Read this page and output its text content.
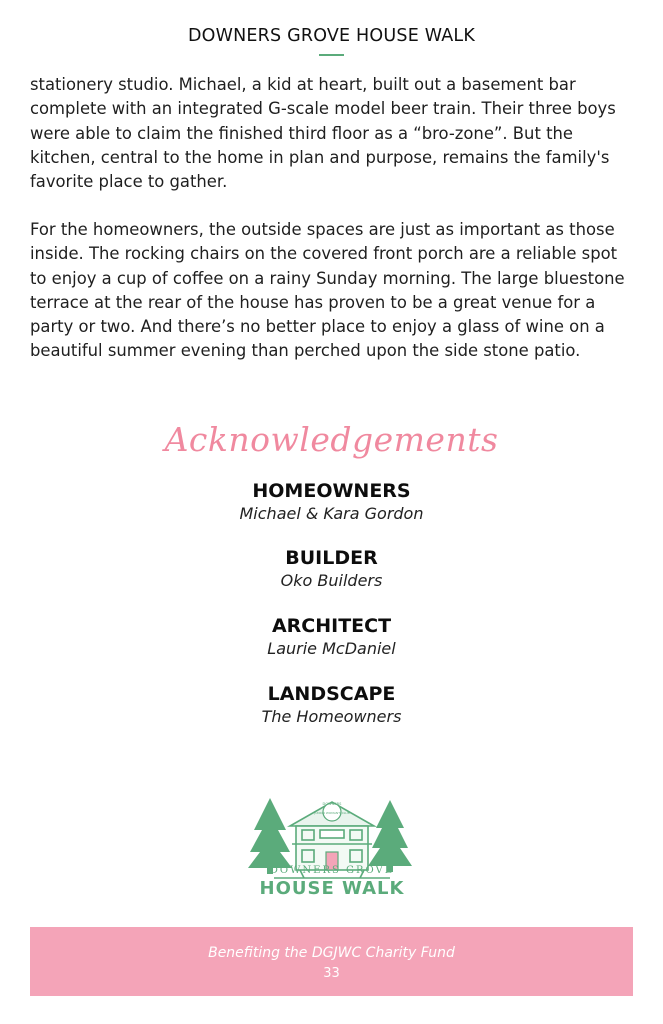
DOWNERS GROVE HOUSE WALK

stationery studio. Michael, a kid at heart, built out a basement bar complete with an integrated G-scale model beer train. Their three boys were able to claim the finished third floor as a “bro-zone”. But the kitchen, central to the home in plan and purpose, remains the family's favorite place to gather.

For the homeowners, the outside spaces are just as important as those inside. The rocking chairs on the covered front porch are a reliable spot to enjoy a cup of coffee on a rainy Sunday morning. The large bluestone terrace at the rear of the house has proven to be a great venue for a party or two. And there’s no better place to enjoy a glass of wine on a beautiful summer evening than perched upon the side stone patio.

Acknowledgements
HOMEOWNERS
Michael & Kara Gordon
BUILDER
Oko Builders
ARCHITECT
Laurie McDaniel
LANDSCAPE
The Homeowners
DOWNERS
JUNIOR WOMAN'S CLUB
DOWNERS GROVE
HOUSE WALK
Benefiting the DGJWC Charity Fund
33
